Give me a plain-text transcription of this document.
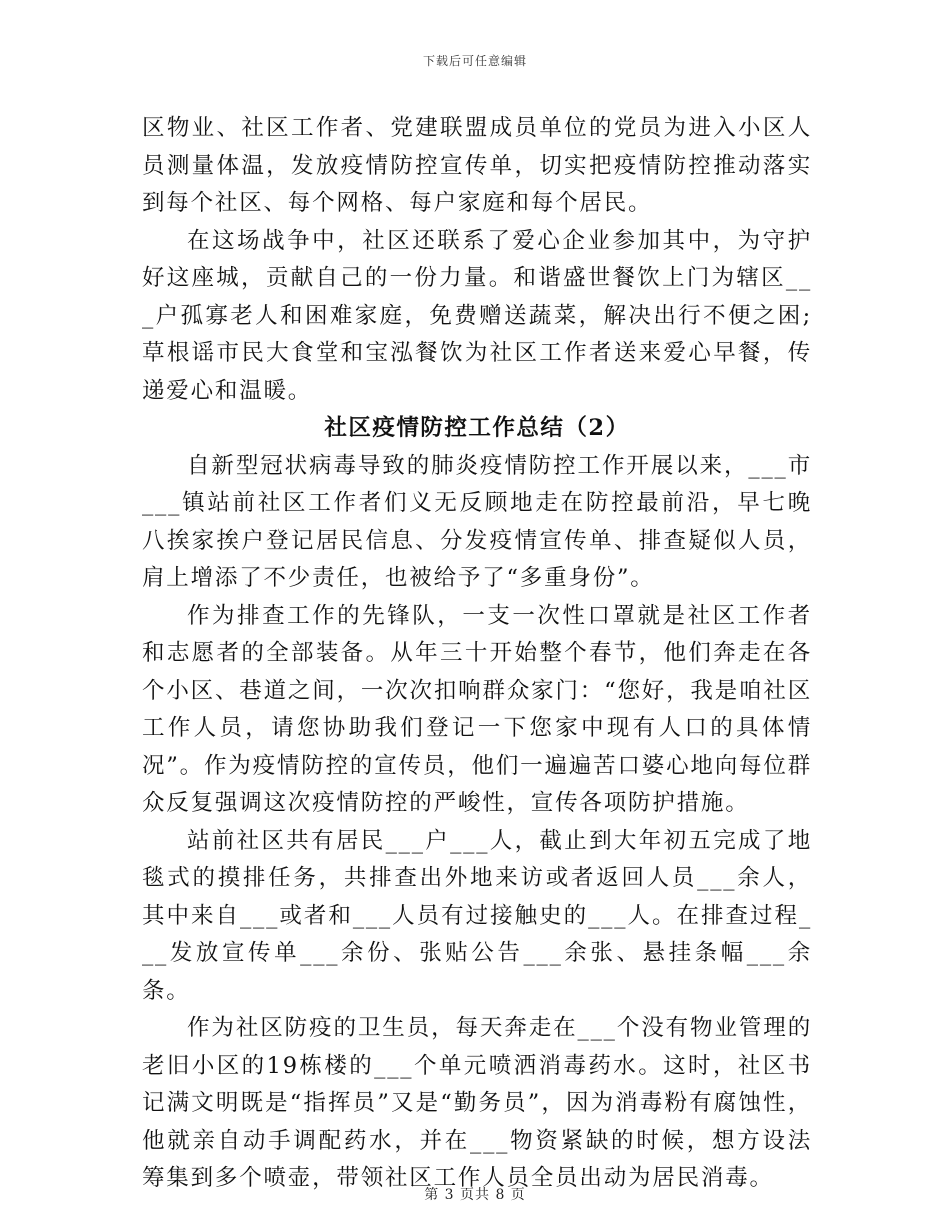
下载后可任意编辑

区物业、社区工作者、党建联盟成员单位的党员为进入小区人员测量体温，发放疫情防控宣传单，切实把疫情防控推动落实到每个社区、每个网格、每户家庭和每个居民。

在这场战争中，社区还联系了爱心企业参加其中，为守护好这座城，贡献自己的一份力量。和谐盛世餐饮上门为辖区___户孤寡老人和困难家庭，免费赠送蔬菜，解决出行不便之困;草根谣市民大食堂和宝泓餐饮为社区工作者送来爱心早餐，传递爱心和温暖。

社区疫情防控工作总结（2）

自新型冠状病毒导致的肺炎疫情防控工作开展以来，___市___镇站前社区工作者们义无反顾地走在防控最前沿，早七晚八挨家挨户登记居民信息、分发疫情宣传单、排查疑似人员，肩上增添了不少责任，也被给予了“多重身份”。

作为排查工作的先锋队，一支一次性口罩就是社区工作者和志愿者的全部装备。从年三十开始整个春节，他们奔走在各个小区、巷道之间，一次次扣响群众家门：“您好，我是咱社区工作人员，请您协助我们登记一下您家中现有人口的具体情况”。作为疫情防控的宣传员，他们一遍遍苦口婆心地向每位群众反复强调这次疫情防控的严峻性，宣传各项防护措施。

站前社区共有居民___户___人，截止到大年初五完成了地毯式的摸排任务，共排查出外地来访或者返回人员___余人，其中来自___或者和___人员有过接触史的___人。在排查过程___发放宣传单___余份、张贴公告___余张、悬挂条幅___余条。

作为社区防疫的卫生员，每天奔走在___个没有物业管理的老旧小区的19栋楼的___个单元喷洒消毒药水。这时，社区书记满文明既是“指挥员”又是“勤务员”，因为消毒粉有腐蚀性，他就亲自动手调配药水，并在___物资紧缺的时候，想方设法筹集到多个喷壶，带领社区工作人员全员出动为居民消毒。

第 3 页共 8 页
